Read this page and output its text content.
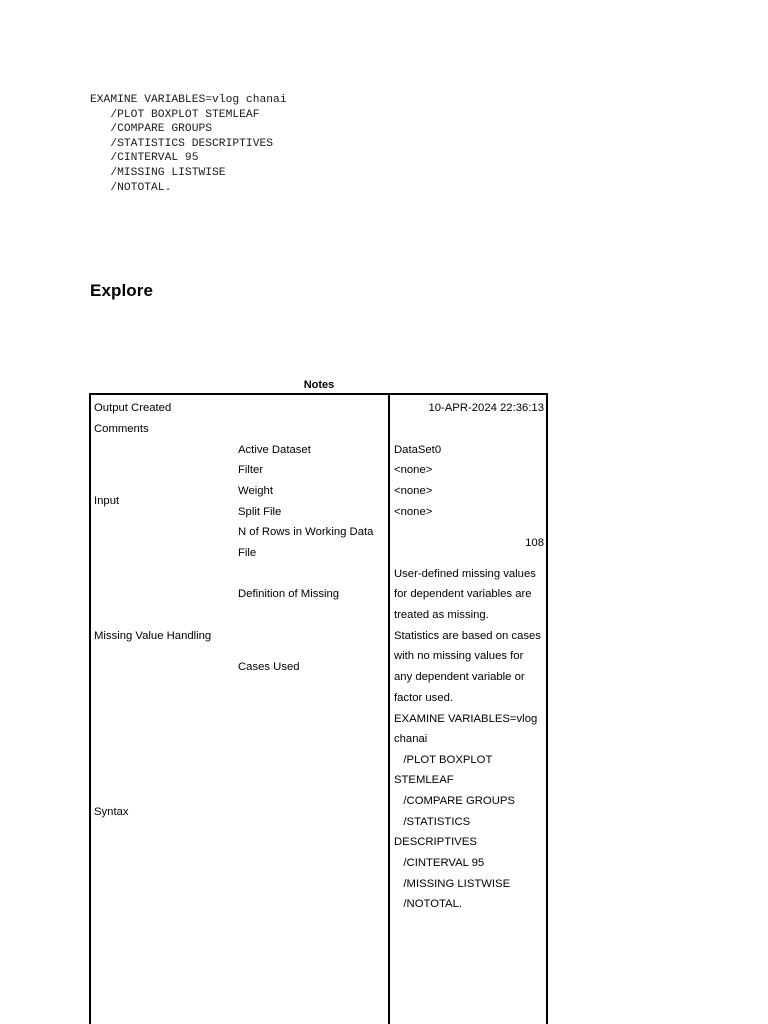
EXAMINE VARIABLES=vlog chanai
/PLOT BOXPLOT STEMLEAF
/COMPARE GROUPS
/STATISTICS DESCRIPTIVES
/CINTERVAL 95
/MISSING LISTWISE
/NOTOTAL.
Explore
Notes
Output Created
Comments
Input
Missing Value Handling
Syntax
Active Dataset
Filter
Weight
Split File
N of Rows in Working Data
File
Definition of Missing
Cases Used
10-APR-2024 22:36:13
DataSet0
<none>
<none>
<none>
108
User-defined missing values
for dependent variables are
treated as missing.
Statistics are based on cases
with no missing values for
any dependent variable or
factor used.
EXAMINE VARIABLES=vlog
chanai
/PLOT BOXPLOT
STEMLEAF
/COMPARE GROUPS
/STATISTICS
DESCRIPTIVES
/CINTERVAL 95
/MISSING LISTWISE
/NOTOTAL.
